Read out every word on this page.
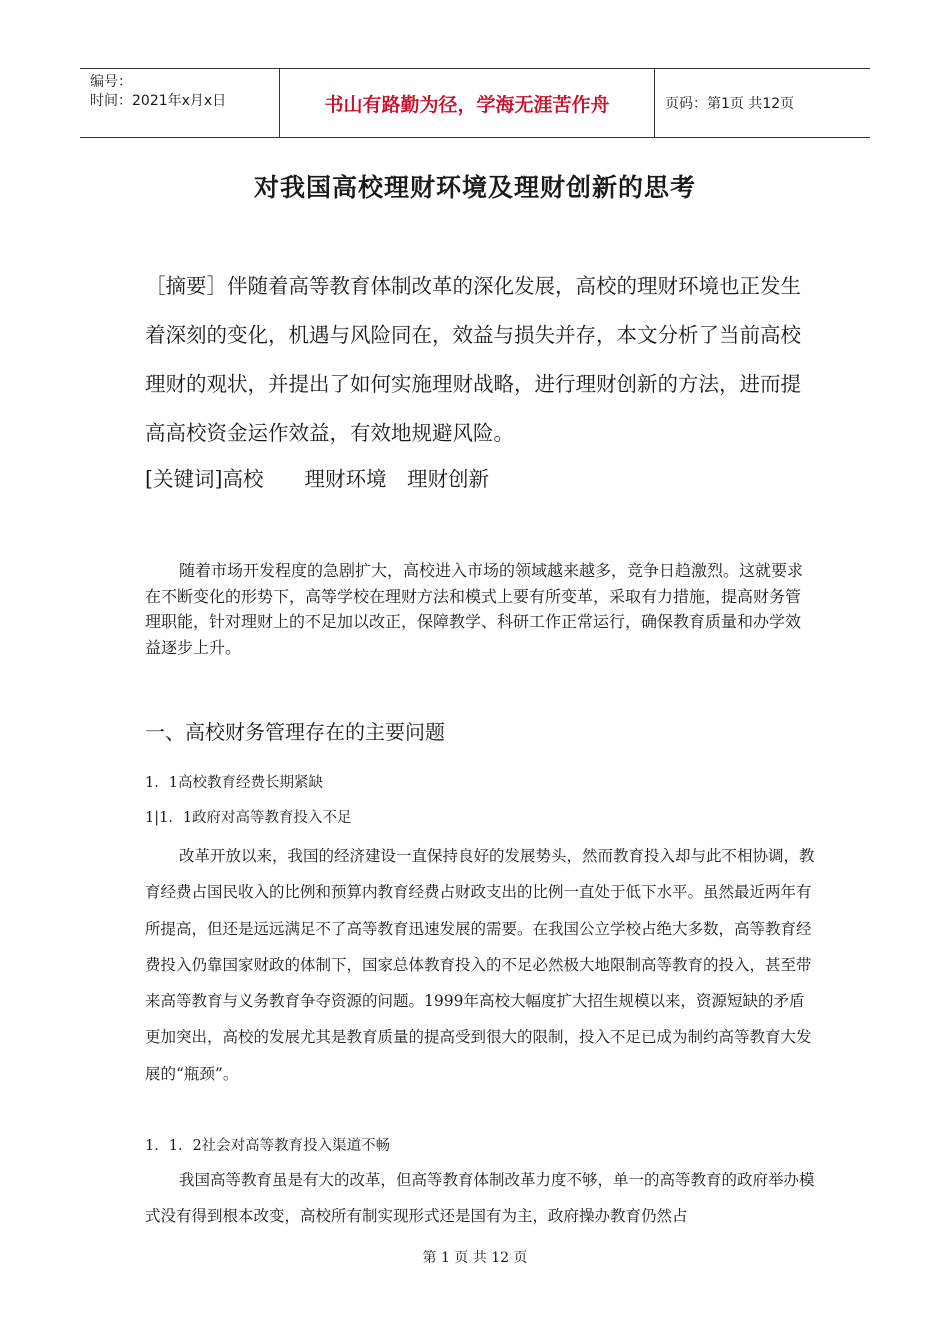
编号：
时间：2021年x月x日	书山有路勤为径，学海无涯苦作舟	页码：第1页 共12页
对我国高校理财环境及理财创新的思考

［摘要］伴随着高等教育体制改革的深化发展，高校的理财环境也正发生着深刻的变化，机遇与风险同在，效益与损失并存，本文分析了当前高校理财的观状，并提出了如何实施理财战略，进行理财创新的方法，进而提高高校资金运作效益，有效地规避风险。

[关键词]高校　　理财环境　理财创新
随着市场开发程度的急剧扩大，高校进入市场的领域越来越多，竞争日趋激烈。这就要求在不断变化的形势下，高等学校在理财方法和模式上要有所变革，采取有力措施，提高财务管理职能，针对理财上的不足加以改正，保障教学、科研工作正常运行，确保教育质量和办学效益逐步上升。
一、高校财务管理存在的主要问题
1．1高校教育经费长期紧缺
1|1．1政府对高等教育投入不足
改革开放以来，我国的经济建设一直保持良好的发展势头，然而教育投入却与此不相协调，教育经费占国民收入的比例和预算内教育经费占财政支出的比例一直处于低下水平。虽然最近两年有所提高，但还是远远满足不了高等教育迅速发展的需要。在我国公立学校占绝大多数，高等教育经费投入仍靠国家财政的体制下，国家总体教育投入的不足必然极大地限制高等教育的投入，甚至带来高等教育与义务教育争夺资源的问题。1999年高校大幅度扩大招生规模以来，资源短缺的矛盾更加突出，高校的发展尤其是教育质量的提高受到很大的限制，投入不足已成为制约高等教育大发展的“瓶颈”。
1．1．2社会对高等教育投入渠道不畅
我国高等教育虽是有大的改革，但高等教育体制改革力度不够，单一的高等教育的政府举办模式没有得到根本改变，高校所有制实现形式还是国有为主，政府操办教育仍然占
第 1 页 共 12 页
